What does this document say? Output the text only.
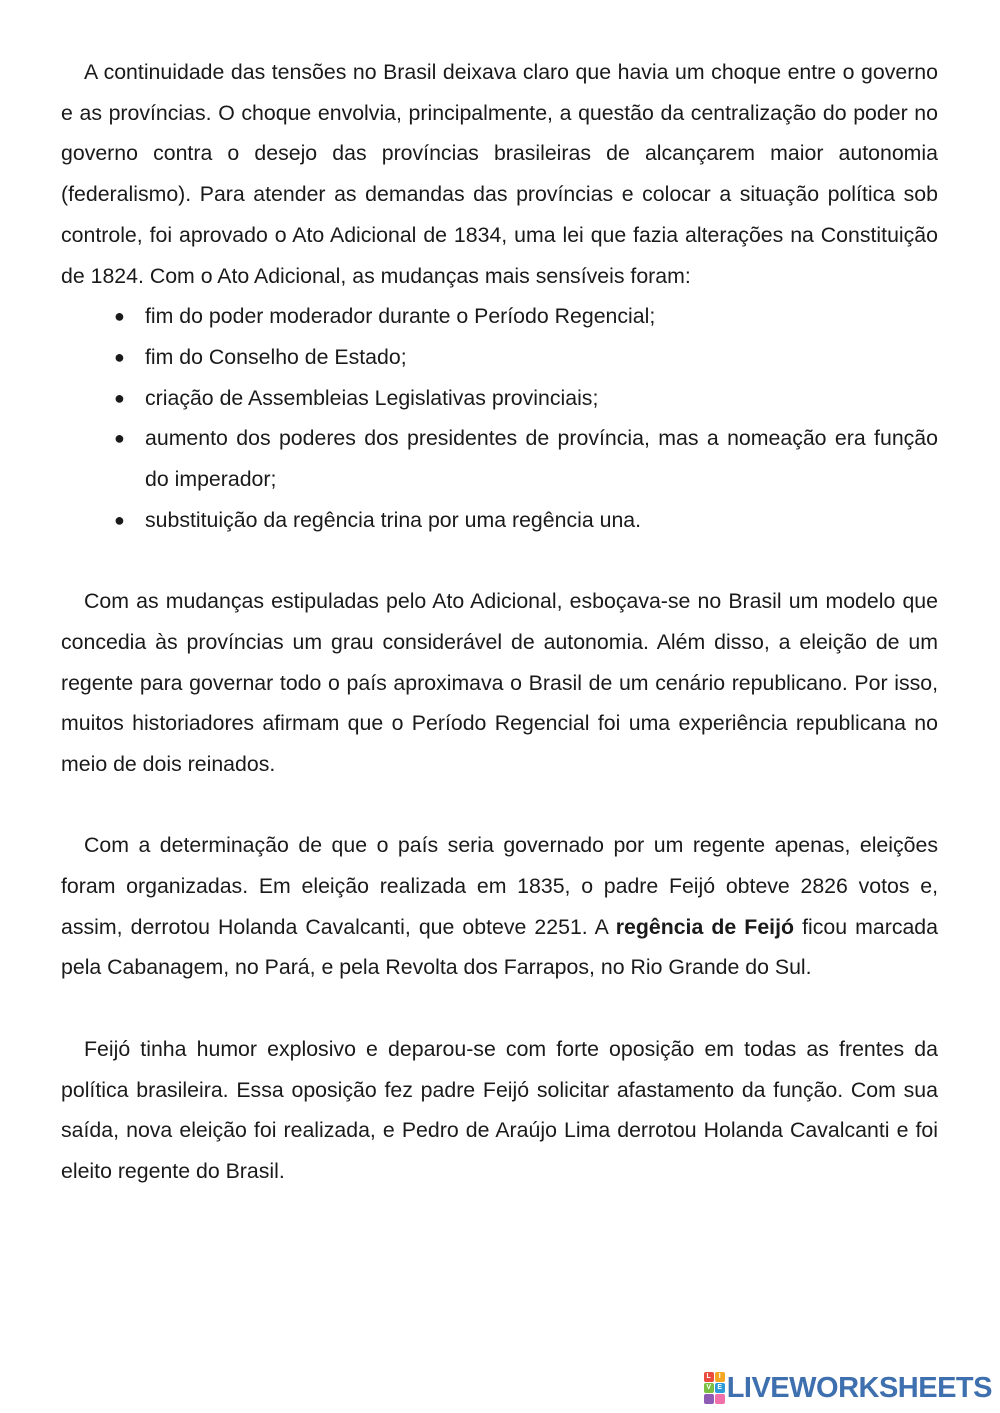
A continuidade das tensões no Brasil deixava claro que havia um choque entre o governo e as províncias. O choque envolvia, principalmente, a questão da centralização do poder no governo contra o desejo das províncias brasileiras de alcançarem maior autonomia (federalismo). Para atender as demandas das províncias e colocar a situação política sob controle, foi aprovado o Ato Adicional de 1834, uma lei que fazia alterações na Constituição de 1824. Com o Ato Adicional, as mudanças mais sensíveis foram:

● fim do poder moderador durante o Período Regencial;
● fim do Conselho de Estado;
● criação de Assembleias Legislativas provinciais;
● aumento dos poderes dos presidentes de província, mas a nomeação era função do imperador;
● substituição da regência trina por uma regência una.

Com as mudanças estipuladas pelo Ato Adicional, esboçava-se no Brasil um modelo que concedia às províncias um grau considerável de autonomia. Além disso, a eleição de um regente para governar todo o país aproximava o Brasil de um cenário republicano. Por isso, muitos historiadores afirmam que o Período Regencial foi uma experiência republicana no meio de dois reinados.

Com a determinação de que o país seria governado por um regente apenas, eleições foram organizadas. Em eleição realizada em 1835, o padre Feijó obteve 2826 votos e, assim, derrotou Holanda Cavalcanti, que obteve 2251. A regência de Feijó ficou marcada pela Cabanagem, no Pará, e pela Revolta dos Farrapos, no Rio Grande do Sul.

Feijó tinha humor explosivo e deparou-se com forte oposição em todas as frentes da política brasileira. Essa oposição fez padre Feijó solicitar afastamento da função. Com sua saída, nova eleição foi realizada, e Pedro de Araújo Lima derrotou Holanda Cavalcanti e foi eleito regente do Brasil.

L	I
V E LIVEWORKSHEETS
